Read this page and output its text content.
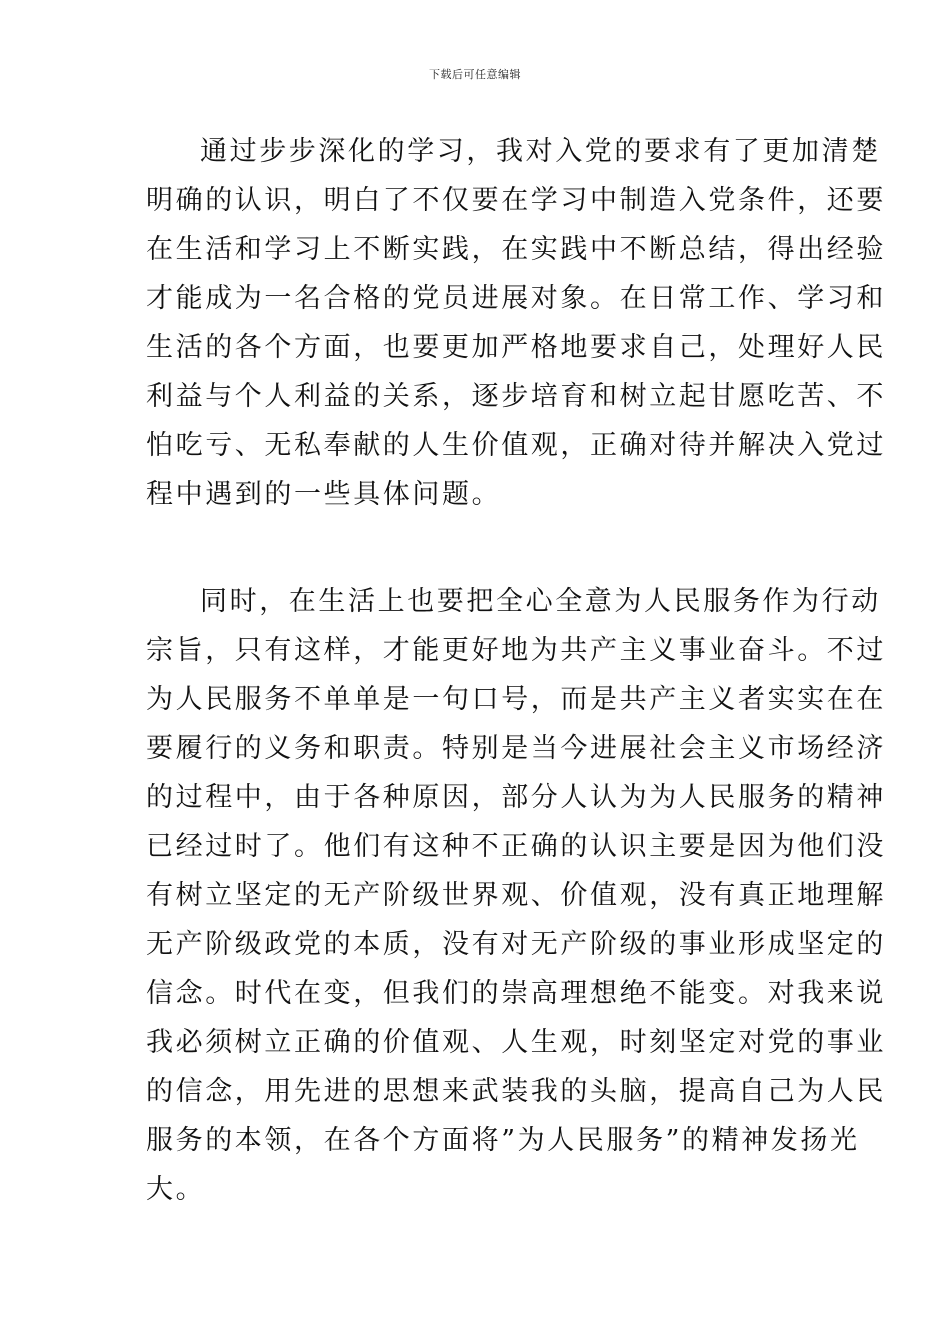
下载后可任意编辑
通过步步深化的学习，我对入党的要求有了更加清楚
明确的认识，明白了不仅要在学习中制造入党条件，还要
在生活和学习上不断实践，在实践中不断总结，得出经验
才能成为一名合格的党员进展对象。在日常工作、学习和
生活的各个方面，也要更加严格地要求自己，处理好人民
利益与个人利益的关系，逐步培育和树立起甘愿吃苦、不
怕吃亏、无私奉献的人生价值观，正确对待并解决入党过
程中遇到的一些具体问题。
同时，在生活上也要把全心全意为人民服务作为行动
宗旨，只有这样，才能更好地为共产主义事业奋斗。不过
为人民服务不单单是一句口号，而是共产主义者实实在在
要履行的义务和职责。特别是当今进展社会主义市场经济
的过程中，由于各种原因，部分人认为为人民服务的精神
已经过时了。他们有这种不正确的认识主要是因为他们没
有树立坚定的无产阶级世界观、价值观，没有真正地理解
无产阶级政党的本质，没有对无产阶级的事业形成坚定的
信念。时代在变，但我们的崇高理想绝不能变。对我来说
我必须树立正确的价值观、人生观，时刻坚定对党的事业
的信念，用先进的思想来武装我的头脑，提高自己为人民
服务的本领，在各个方面将”为人民服务”的精神发扬光
大。
